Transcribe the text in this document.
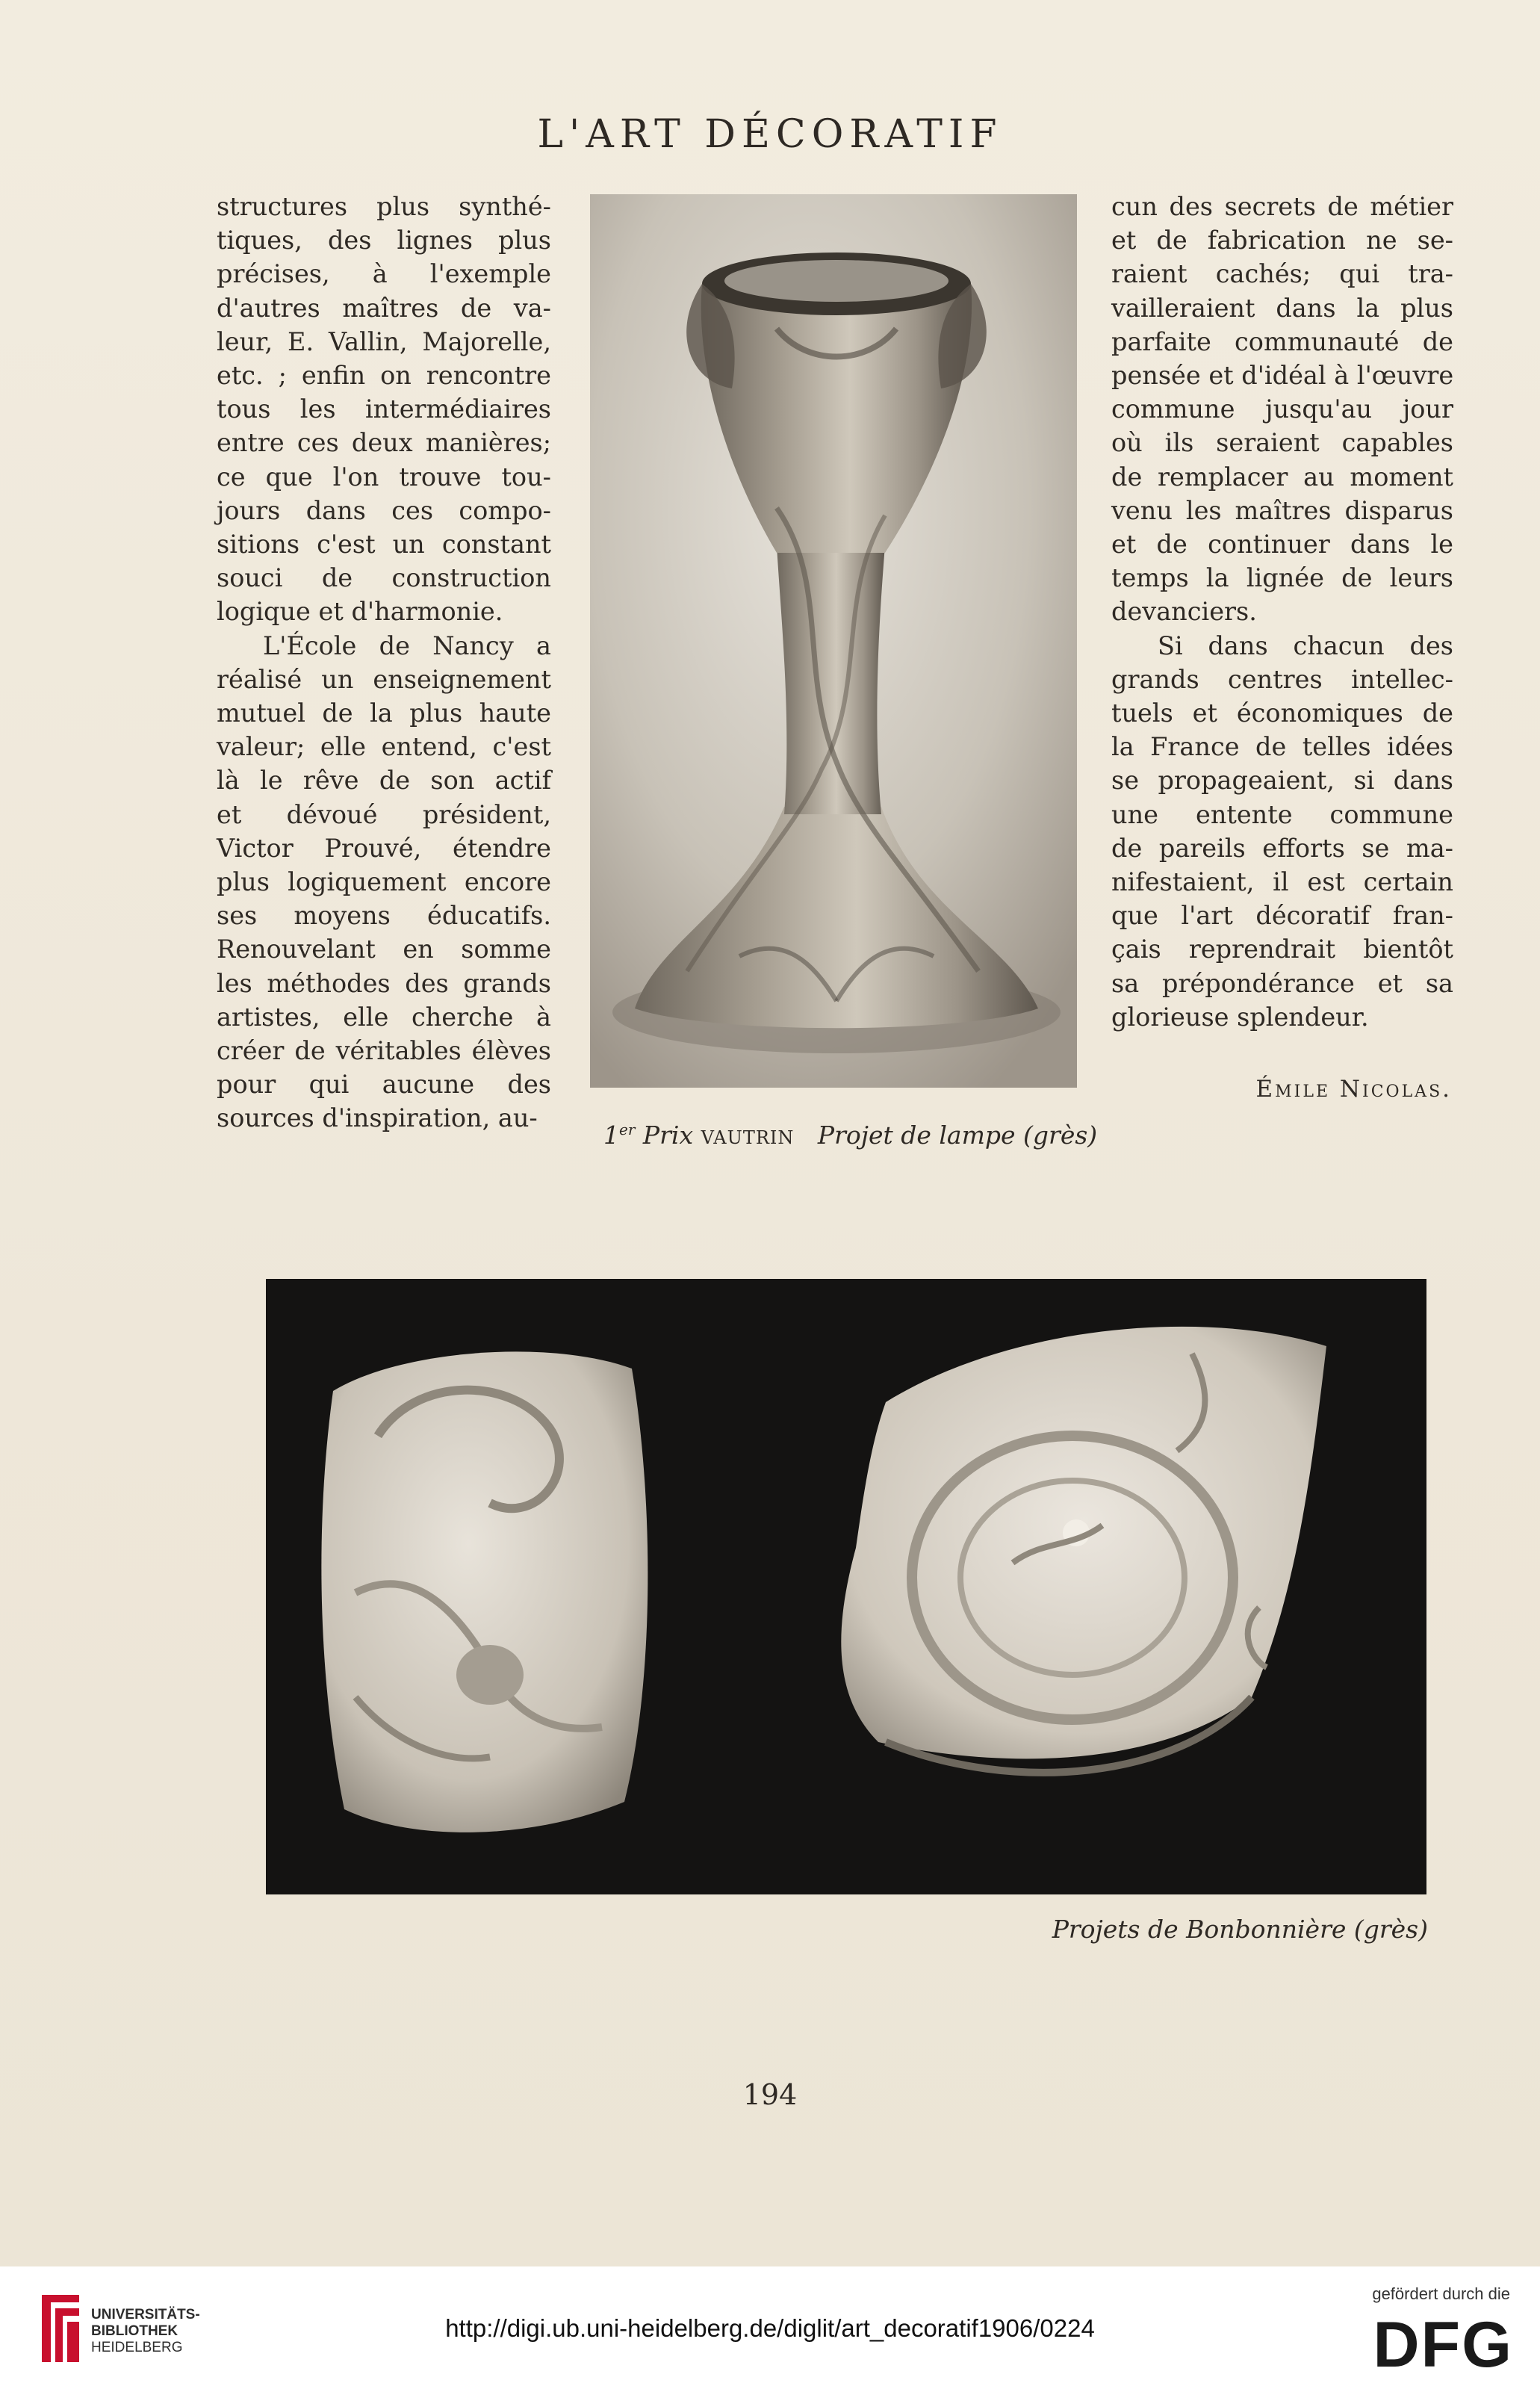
L'ART DÉCORATIF
structures plus synthé-
tiques, des lignes plus
précises, à l'exemple
d'autres maîtres de va-
leur, E. Vallin, Majorelle,
etc. ; enfin on rencontre
tous les intermédiaires
entre ces deux manières;
ce que l'on trouve tou-
jours dans ces compo-
sitions c'est un constant
souci de construction
logique et d'harmonie.
L'École de Nancy a
réalisé un enseignement
mutuel de la plus haute
valeur; elle entend, c'est
là le rêve de son actif
et dévoué président,
Victor Prouvé, étendre
plus logiquement encore
ses moyens éducatifs.
Renouvelant en somme
les méthodes des grands
artistes, elle cherche à
créer de véritables élèves
pour qui aucune des
sources d'inspiration, au-
1er Prix VAUTRIN Projet de lampe (grès)
cun des secrets de métier
et de fabrication ne se-
raient cachés; qui tra-
vailleraient dans la plus
parfaite communauté de
pensée et d'idéal à l'œuvre
commune jusqu'au jour
où ils seraient capables
de remplacer au moment
venu les maîtres disparus
et de continuer dans le
temps la lignée de leurs
devanciers.
Si dans chacun des
grands centres intellec-
tuels et économiques de
la France de telles idées
se propageaient, si dans
une entente commune
de pareils efforts se ma-
nifestaient, il est certain
que l'art décoratif fran-
çais reprendrait bientôt
sa prépondérance et sa
glorieuse splendeur.
Émile Nicolas.
Projets de Bonbonnière (grès)
194
UNIVERSITÄTS-
BIBLIOTHEK
HEIDELBERG
http://digi.ub.uni-heidelberg.de/diglit/art_decoratif1906/0224
gefördert durch die
DFG
